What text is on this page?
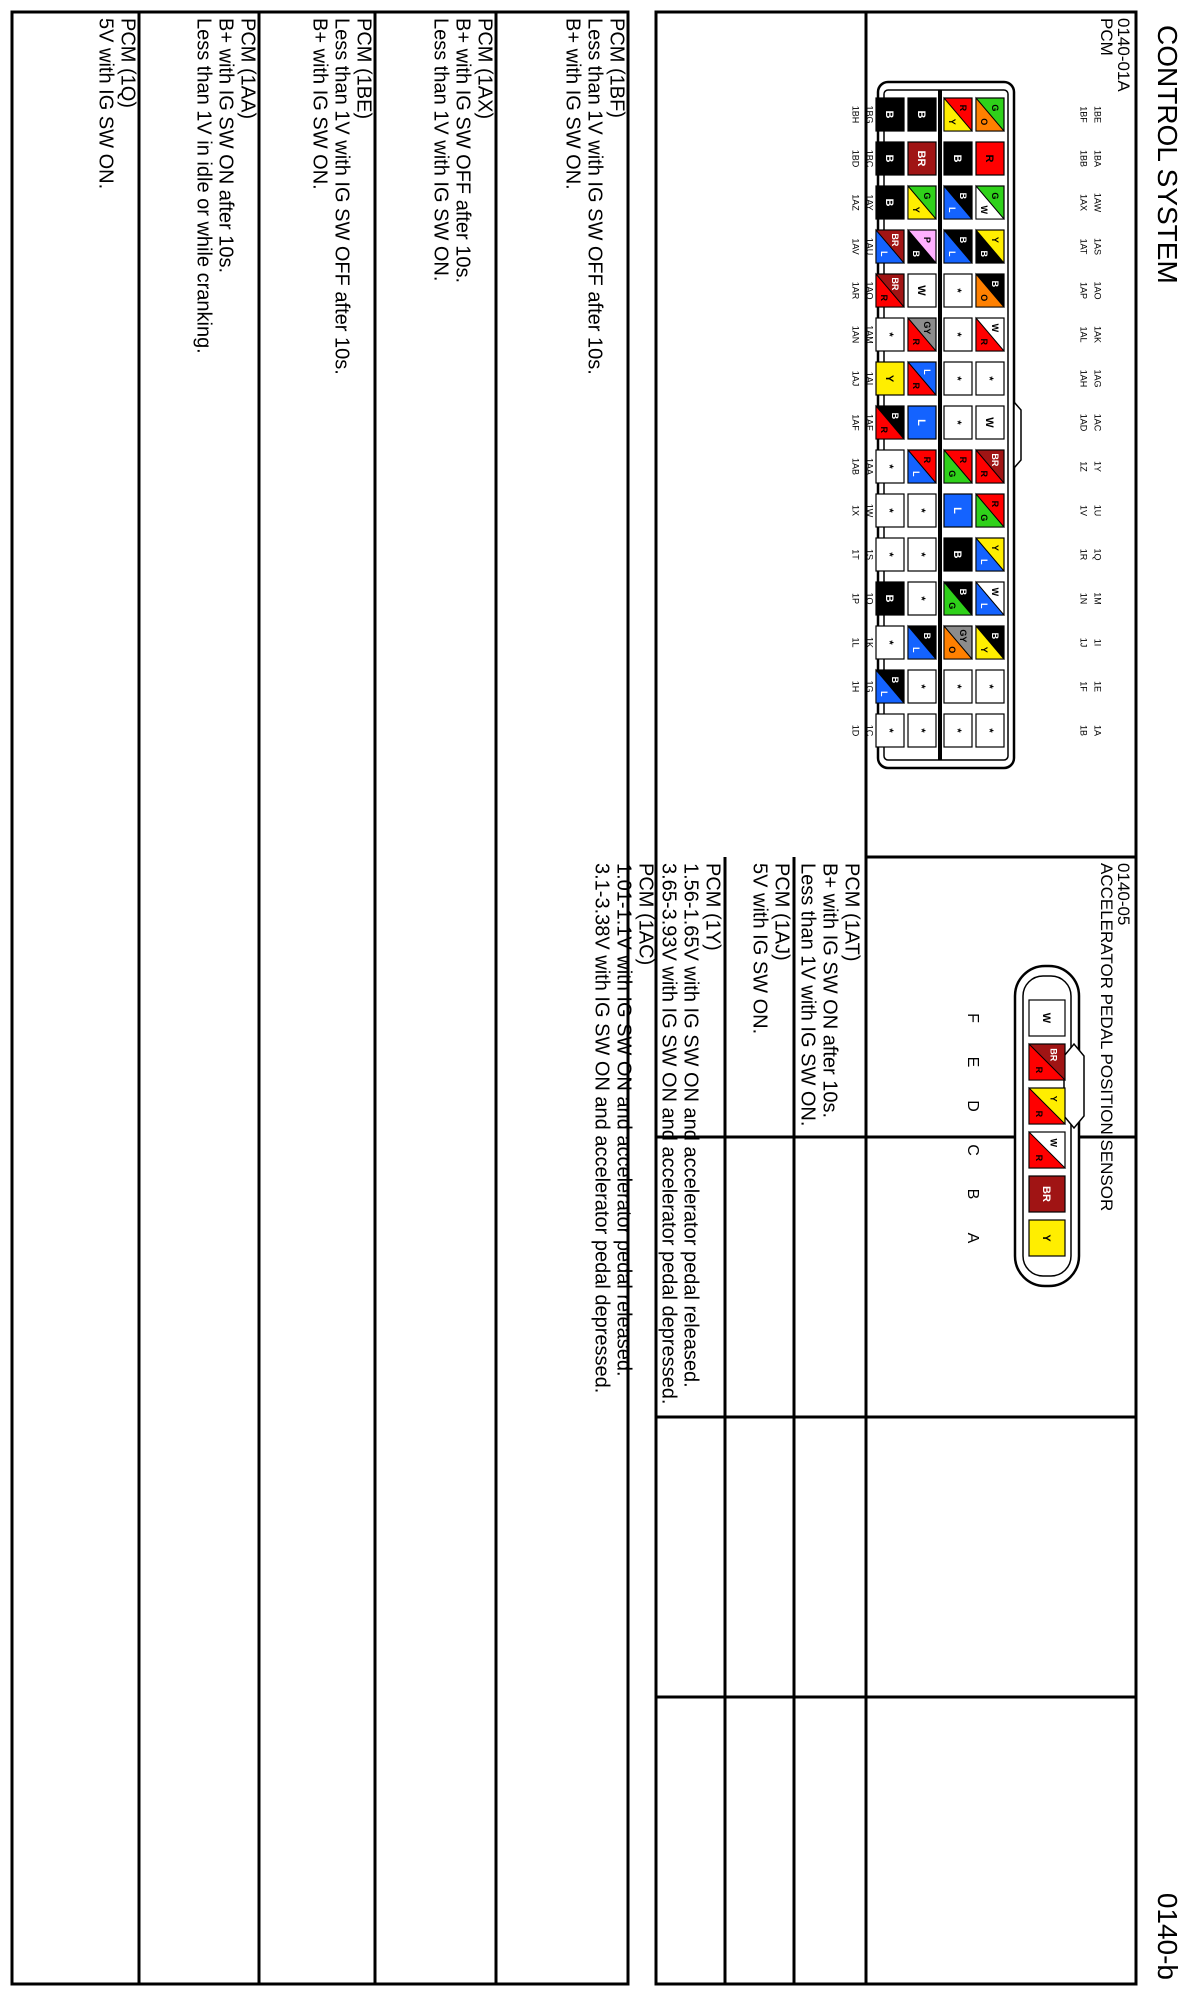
CONTROL SYSTEM
0140-b
0140-01A
PCM
G
O
R
G
W
Y
B
B
O
W
R
*
W
BR
R
R
G
Y
L
W
L
B
Y
*
*
R
Y
B
B
L
B
L
*
*
*
*
R
G
L
B
B
G
GY
O
*
*
B
BR
G
Y
P
B
W
GY
R
L
R
L
R
L
*
*
*
B
L
*
*
B
B
B
BR
L
BR
R
*
Y
B
R
*
*
*
B
*
B
L
*
1BE
1BA
1AW
1AS
1AO
1AK
1AG
1AC
1Y
1U
1Q
1M
1I
1E
1A
1BF
1BB
1AX
1AT
1AP
1AL
1AH
1AD
1Z
1V
1R
1N
1J
1F
1B
1BG
1BC
1AY
1AU
1AQ
1AM
1AI
1AE
1AA
1W
1S
1O
1K
1G
1C
1BH
1BD
1AZ
1AV
1AR
1AN
1AJ
1AF
1AB
1X
1T
1P
1L
1H
1D
0140-05
ACCELERATOR PEDAL POSITION SENSOR
W
F
BR
R
E
Y
R
D
W
R
C
BR
B
Y
A
PCM (1AT)
B+ with IG SW ON after 10s.
Less than 1V with IG SW ON.
PCM (1AJ)
5V with IG SW ON.
PCM (1Y)
1.56-1.65V with IG SW ON and accelerator pedal released.
3.65-3.93V with IG SW ON and accelerator pedal depressed.
PCM (1AC)
1.01-1.1V with IG SW ON and accelerator pedal released.
3.1-3.38V with IG SW ON and accelerator pedal depressed.
PCM (1BF)
Less than 1V with IG SW OFF after 10s.
B+ with IG SW ON.
PCM (1AX)
B+ with IG SW OFF after 10s.
Less than 1V with IG SW ON.
PCM (1BE)
Less than 1V with IG SW OFF after 10s.
B+ with IG SW ON.
PCM (1AA)
B+ with IG SW ON after 10s.
Less than 1V in idle or while cranking.
PCM (1Q)
5V with IG SW ON.
